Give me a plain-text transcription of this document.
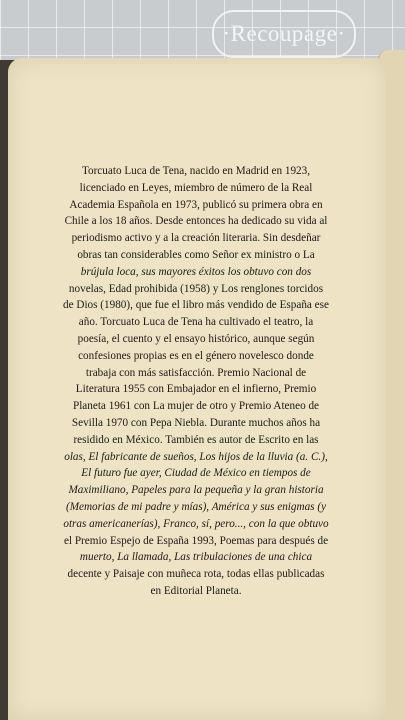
·Recoupage·

Torcuato Luca de Tena, nacido en Madrid en 1923,
licenciado en Leyes, miembro de número de la Real
Academia Española en 1973, publicó su primera obra en
Chile a los 18 años. Desde entonces ha dedicado su vida al
periodismo activo y a la creación literaria. Sin desdeñar
obras tan considerables como Señor ex ministro o La
brújula loca, sus mayores éxitos los obtuvo con dos
novelas, Edad prohibida (1958) y Los renglones torcidos
de Dios (1980), que fue el libro más vendido de España ese
año. Torcuato Luca de Tena ha cultivado el teatro, la
poesía, el cuento y el ensayo histórico, aunque según
confesiones propias es en el género novelesco donde
trabaja con más satisfacción. Premio Nacional de
Literatura 1955 con Embajador en el infierno, Premio
Planeta 1961 con La mujer de otro y Premio Ateneo de
Sevilla 1970 con Pepa Niebla. Durante muchos años ha
residido en México. También es autor de Escrito en las
olas, El fabricante de sueños, Los hijos de la lluvia (a. C.),
El futuro fue ayer, Ciudad de México en tiempos de
Maximiliano, Papeles para la pequeña y la gran historia
(Memorias de mi padre y mías), América y sus enigmas (y
otras americanerías), Franco, sí, pero..., con la que obtuvo
el Premio Espejo de España 1993, Poemas para después de
muerto, La llamada, Las tribulaciones de una chica
decente y Paisaje con muñeca rota, todas ellas publicadas
en Editorial Planeta.
